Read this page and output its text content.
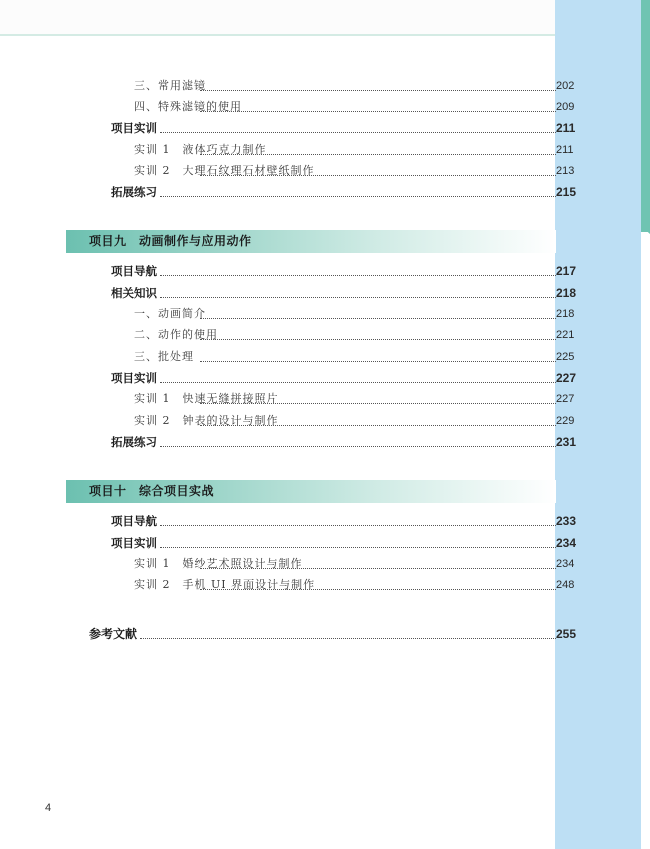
三、常用滤镜	202
四、特殊滤镜的使用	209
项目实训	211
实训 1　液体巧克力制作	211
实训 2　大理石纹理石材壁纸制作	213
拓展练习	215
项目九　动画制作与应用动作
项目导航	217
相关知识	218
一、动画简介	218
二、动作的使用	221
三、批处理	225
项目实训	227
实训 1　快速无缝拼接照片	227
实训 2　钟表的设计与制作	229
拓展练习	231
项目十　综合项目实战
项目导航	233
项目实训	234
实训 1　婚纱艺术照设计与制作	234
实训 2　手机 UI 界面设计与制作	248
参考文献	255
4
